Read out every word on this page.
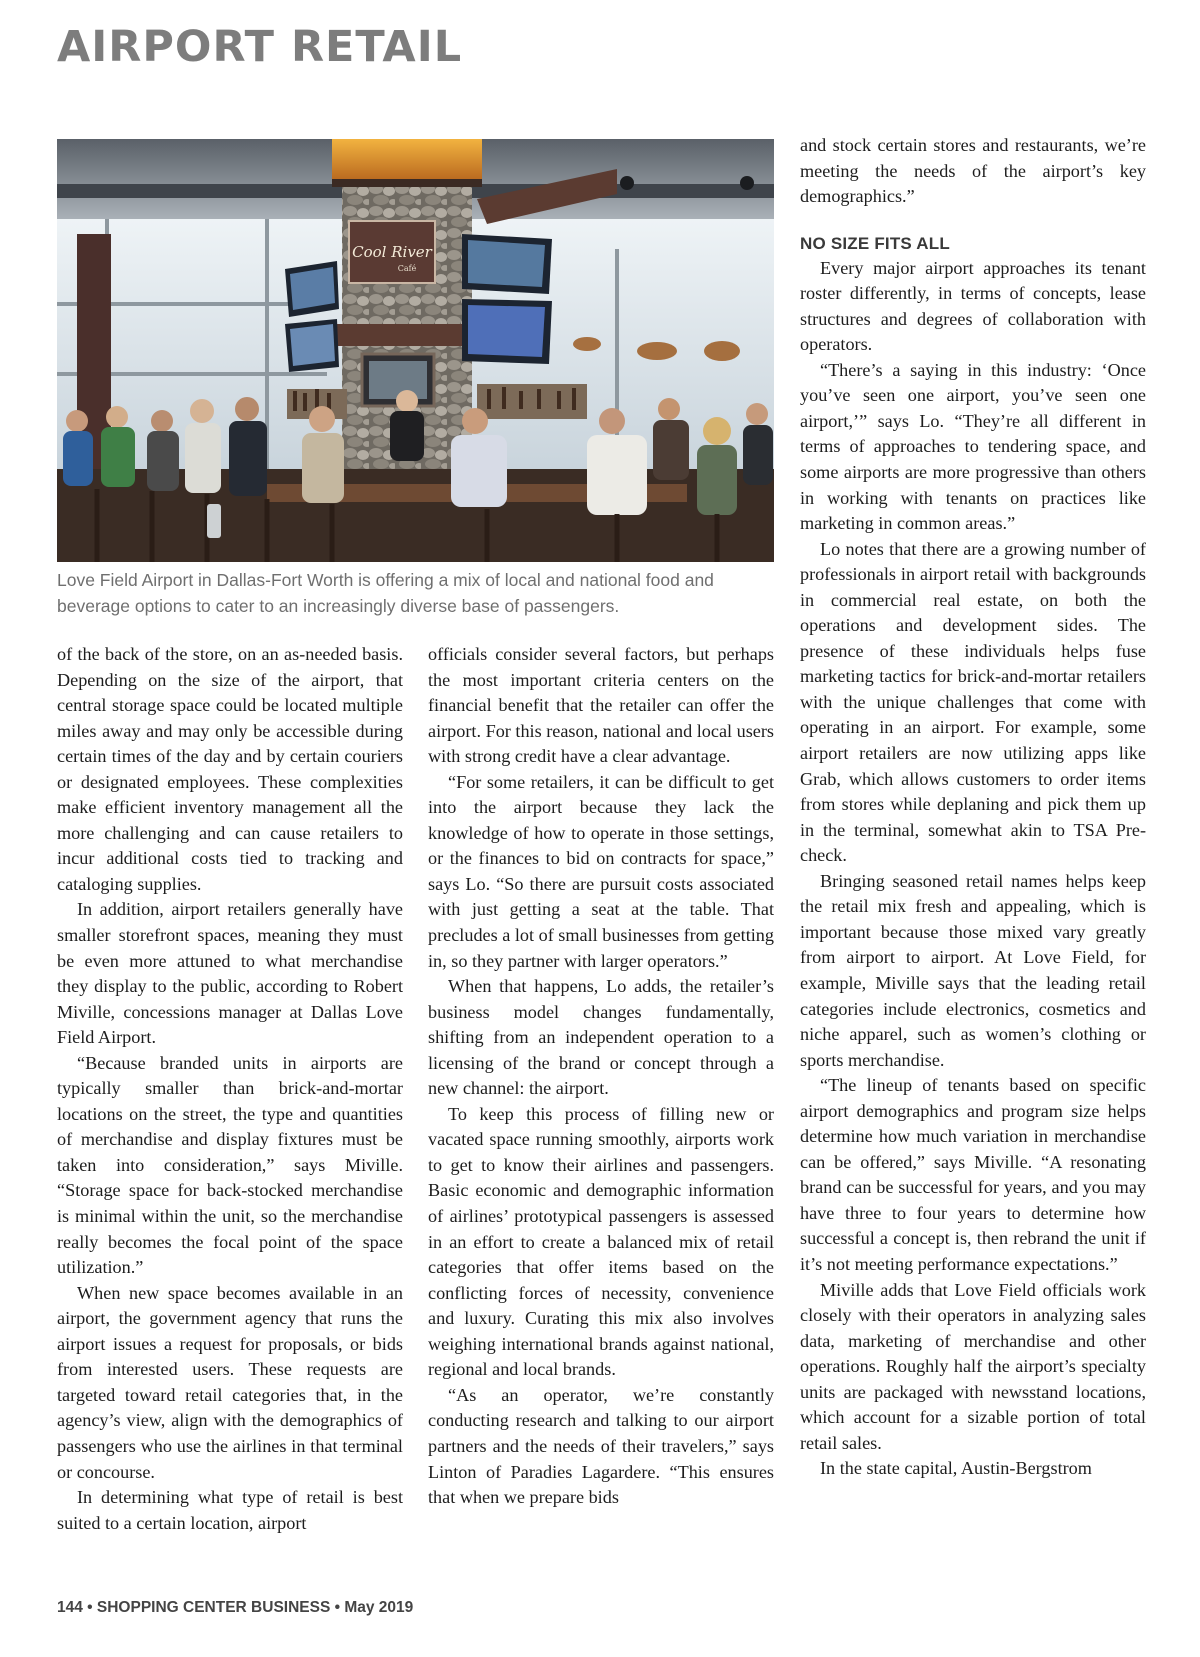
AIRPORT RETAIL
Cool River
Café

Love Field Airport in Dallas-Fort Worth is offering a mix of local and national food and beverage options to cater to an increasingly diverse base of passengers.

of the back of the store, on an as-needed basis. Depending on the size of the airport, that central storage space could be located multiple miles away and may only be accessible during certain times of the day and by certain couriers or designated employees. These complexities make efficient inventory management all the more challenging and can cause retailers to incur additional costs tied to tracking and cataloging supplies.

In addition, airport retailers generally have smaller storefront spaces, meaning they must be even more attuned to what merchandise they display to the public, according to Robert Miville, concessions manager at Dallas Love Field Airport.

“Because branded units in airports are typically smaller than brick-and-mortar locations on the street, the type and quantities of merchandise and display fixtures must be taken into consideration,” says Miville. “Storage space for back-stocked merchandise is minimal within the unit, so the merchandise really becomes the focal point of the space utilization.”

When new space becomes available in an airport, the government agency that runs the airport issues a request for proposals, or bids from interested users. These requests are targeted toward retail categories that, in the agency’s view, align with the demographics of passengers who use the airlines in that terminal or concourse.

In determining what type of retail is best suited to a certain location, airport

officials consider several factors, but perhaps the most important criteria centers on the financial benefit that the retailer can offer the airport. For this reason, national and local users with strong credit have a clear advantage.

“For some retailers, it can be difficult to get into the airport because they lack the knowledge of how to operate in those settings, or the finances to bid on contracts for space,” says Lo. “So there are pursuit costs associated with just getting a seat at the table. That precludes a lot of small businesses from getting in, so they partner with larger operators.”

When that happens, Lo adds, the retailer’s business model changes fundamentally, shifting from an independent operation to a licensing of the brand or concept through a new channel: the airport.

To keep this process of filling new or vacated space running smoothly, airports work to get to know their airlines and passengers. Basic economic and demographic information of airlines’ prototypical passengers is assessed in an effort to create a balanced mix of retail categories that offer items based on the conflicting forces of necessity, convenience and luxury. Curating this mix also involves weighing international brands against national, regional and local brands.

“As an operator, we’re constantly conducting research and talking to our airport partners and the needs of their travelers,” says Linton of Paradies Lagardere. “This ensures that when we prepare bids

and stock certain stores and restaurants, we’re meeting the needs of the airport’s key demographics.”

NO SIZE FITS ALL

Every major airport approaches its tenant roster differently, in terms of concepts, lease structures and degrees of collaboration with operators.

“There’s a saying in this industry: ‘Once you’ve seen one airport, you’ve seen one airport,’” says Lo. “They’re all different in terms of approaches to tendering space, and some airports are more progressive than others in working with tenants on practices like marketing in common areas.”

Lo notes that there are a growing number of professionals in airport retail with backgrounds in commercial real estate, on both the operations and development sides. The presence of these individuals helps fuse marketing tactics for brick-and-mortar retailers with the unique challenges that come with operating in an airport. For example, some airport retailers are now utilizing apps like Grab, which allows customers to order items from stores while deplaning and pick them up in the terminal, somewhat akin to TSA Pre-check.

Bringing seasoned retail names helps keep the retail mix fresh and appealing, which is important because those mixed vary greatly from airport to airport. At Love Field, for example, Miville says that the leading retail categories include electronics, cosmetics and niche apparel, such as women’s clothing or sports merchandise.

“The lineup of tenants based on specific airport demographics and program size helps determine how much variation in merchandise can be offered,” says Miville. “A resonating brand can be successful for years, and you may have three to four years to determine how successful a concept is, then rebrand the unit if it’s not meeting performance expectations.”

Miville adds that Love Field officials work closely with their operators in analyzing sales data, marketing of merchandise and other operations. Roughly half the airport’s specialty units are packaged with newsstand locations, which account for a sizable portion of total retail sales.

In the state capital, Austin-Bergstrom

144 • SHOPPING CENTER BUSINESS • May 2019
